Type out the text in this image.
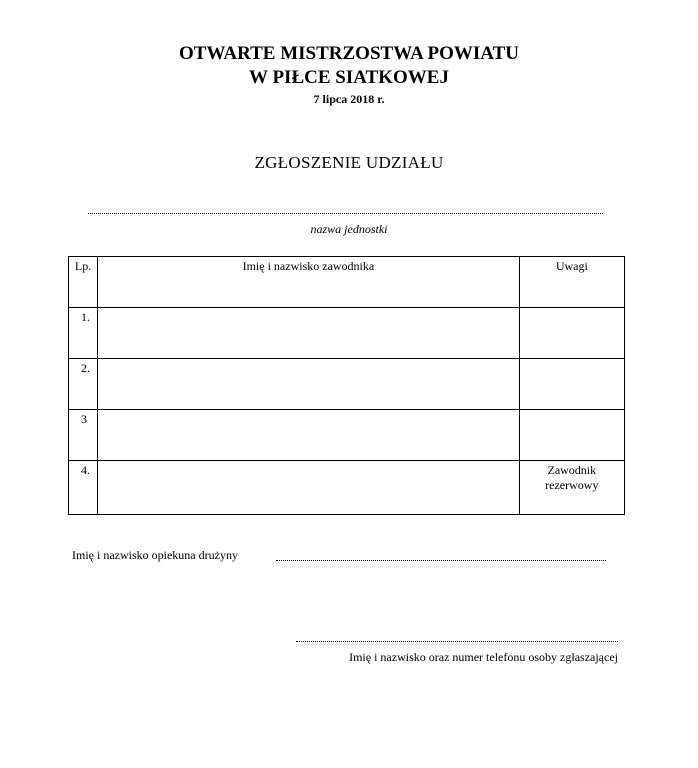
OTWARTE MISTRZOSTWA POWIATU
W PIŁCE SIATKOWEJ
7 lipca 2018 r.
ZGŁOSZENIE UDZIAŁU
nazwa jednostki
Lp.	Imię i nazwisko zawodnika	Uwagi
1.		
2.		
3		
4.		Zawodnik rezerwowy
Imię i nazwisko opiekuna drużyny
Imię i nazwisko oraz numer telefonu osoby zgłaszającej
